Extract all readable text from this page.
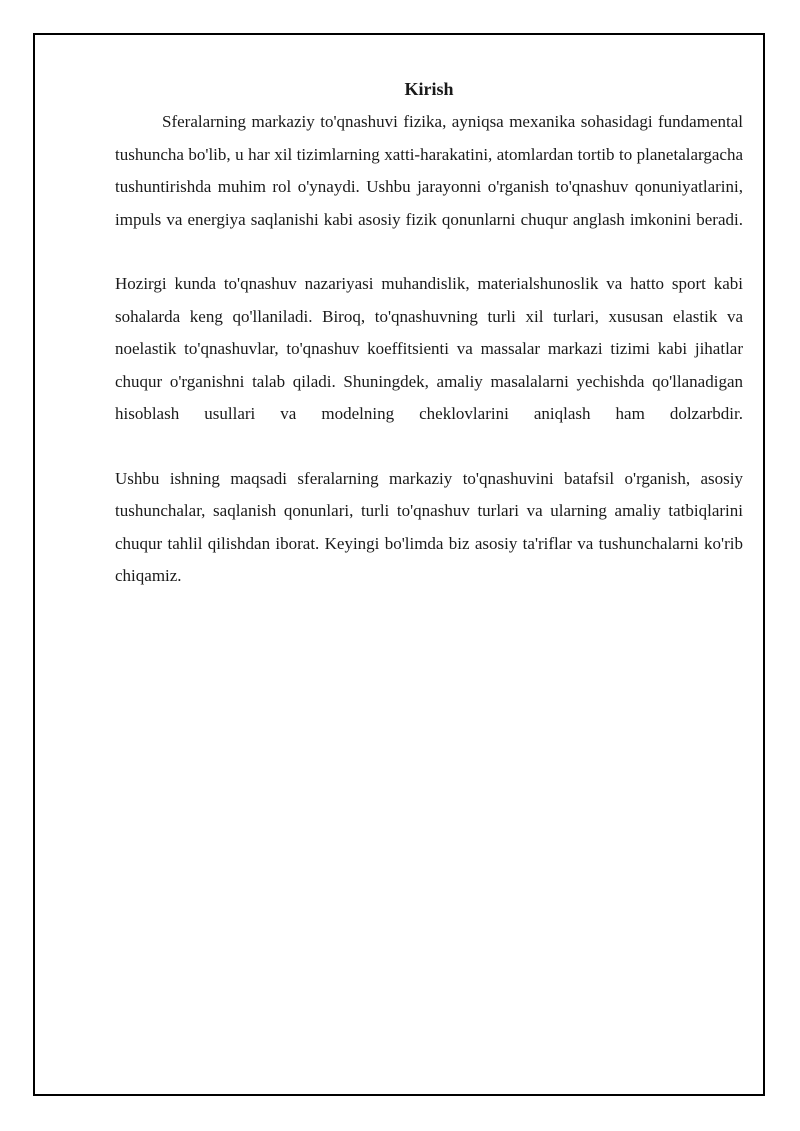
Kirish

Sferalarning markaziy to'qnashuvi fizika, ayniqsa mexanika sohasidagi fundamental tushuncha bo'lib, u har xil tizimlarning xatti-harakatini, atomlardan tortib to planetalargacha tushuntirishda muhim rol o'ynaydi. Ushbu jarayonni o'rganish to'qnashuv qonuniyatlarini, impuls va energiya saqlanishi kabi asosiy fizik qonunlarni chuqur anglash imkonini beradi.

Hozirgi kunda to'qnashuv nazariyasi muhandislik, materialshunoslik va hatto sport kabi sohalarda keng qo'llaniladi. Biroq, to'qnashuvning turli xil turlari, xususan elastik va noelastik to'qnashuvlar, to'qnashuv koeffitsienti va massalar markazi tizimi kabi jihatlar chuqur o'rganishni talab qiladi. Shuningdek, amaliy masalalarni yechishda qo'llanadigan hisoblash usullari va modelning cheklovlarini aniqlash ham dolzarbdir.

Ushbu ishning maqsadi sferalarning markaziy to'qnashuvini batafsil o'rganish, asosiy tushunchalar, saqlanish qonunlari, turli to'qnashuv turlari va ularning amaliy tatbiqlarini chuqur tahlil qilishdan iborat. Keyingi bo'limda biz asosiy ta'riflar va tushunchalarni ko'rib chiqamiz.
